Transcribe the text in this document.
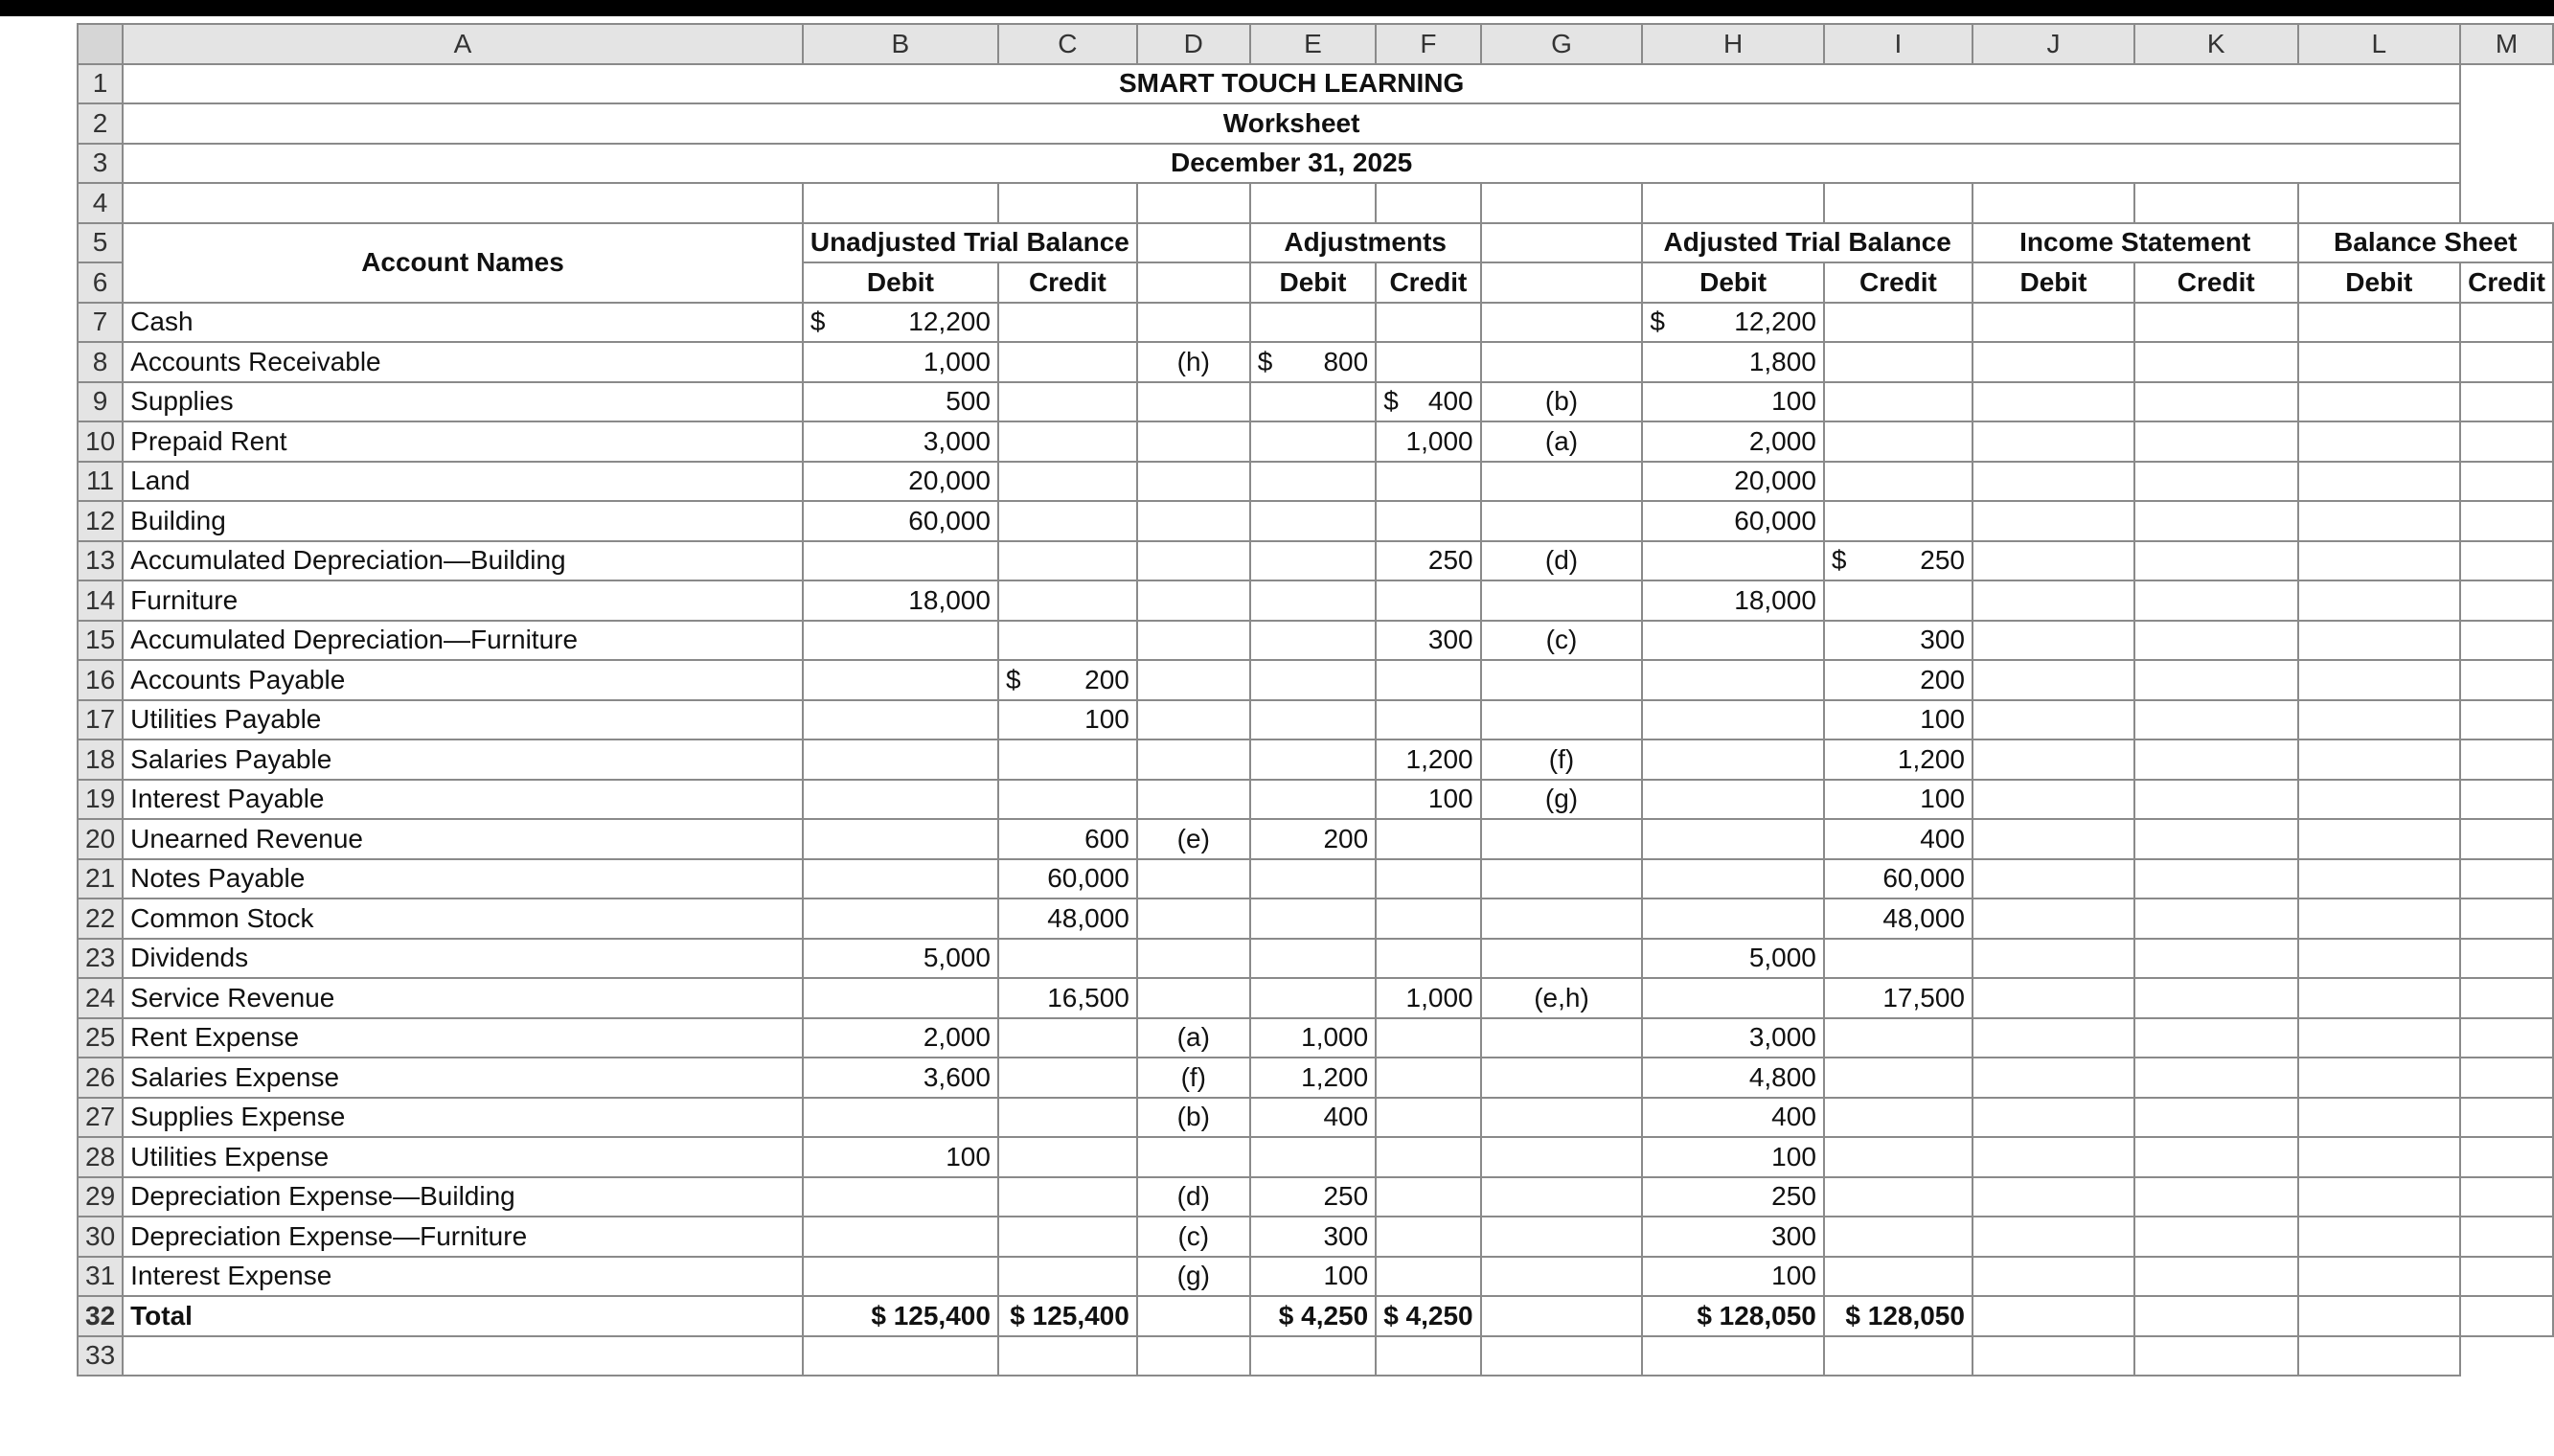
	A	B	C	D	E	F	G	H	I	J	K	L	M
1	SMART TOUCH LEARNING												
2	Worksheet												
3	December 31, 2025												
4													
5	Account Names	Unadjusted Trial Balance			Adjustments			Adjusted Trial Balance		Income Statement		Balance Sheet	
6		Debit	Credit		Debit	Credit		Debit	Credit	Debit	Credit	Debit	Credit
7	Cash	$ 12,200						$ 12,200					
8	Accounts Receivable	1,000		(h)	$ 800			1,800					
9	Supplies	500				$ 400	(b)	100					
10	Prepaid Rent	3,000				1,000	(a)	2,000					
11	Land	20,000						20,000					
12	Building	60,000						60,000					
13	Accumulated Depreciation—Building					250	(d)		$ 250				
14	Furniture	18,000						18,000					
15	Accumulated Depreciation—Furniture					300	(c)		300				
16	Accounts Payable		$ 200						200				
17	Utilities Payable		100						100				
18	Salaries Payable					1,200	(f)		1,200				
19	Interest Payable					100	(g)		100				
20	Unearned Revenue		600	(e)	200				400				
21	Notes Payable		60,000						60,000				
22	Common Stock		48,000						48,000				
23	Dividends	5,000						5,000					
24	Service Revenue		16,500			1,000	(e,h)		17,500				
25	Rent Expense	2,000		(a)	1,000			3,000					
26	Salaries Expense	3,600		(f)	1,200			4,800					
27	Supplies Expense			(b)	400			400					
28	Utilities Expense	100						100					
29	Depreciation Expense—Building			(d)	250			250					
30	Depreciation Expense—Furniture			(c)	300			300					
31	Interest Expense			(g)	100			100					
32	Total	$ 125,400	$ 125,400		$ 4,250	$ 4,250		$ 128,050	$ 128,050				
33													
